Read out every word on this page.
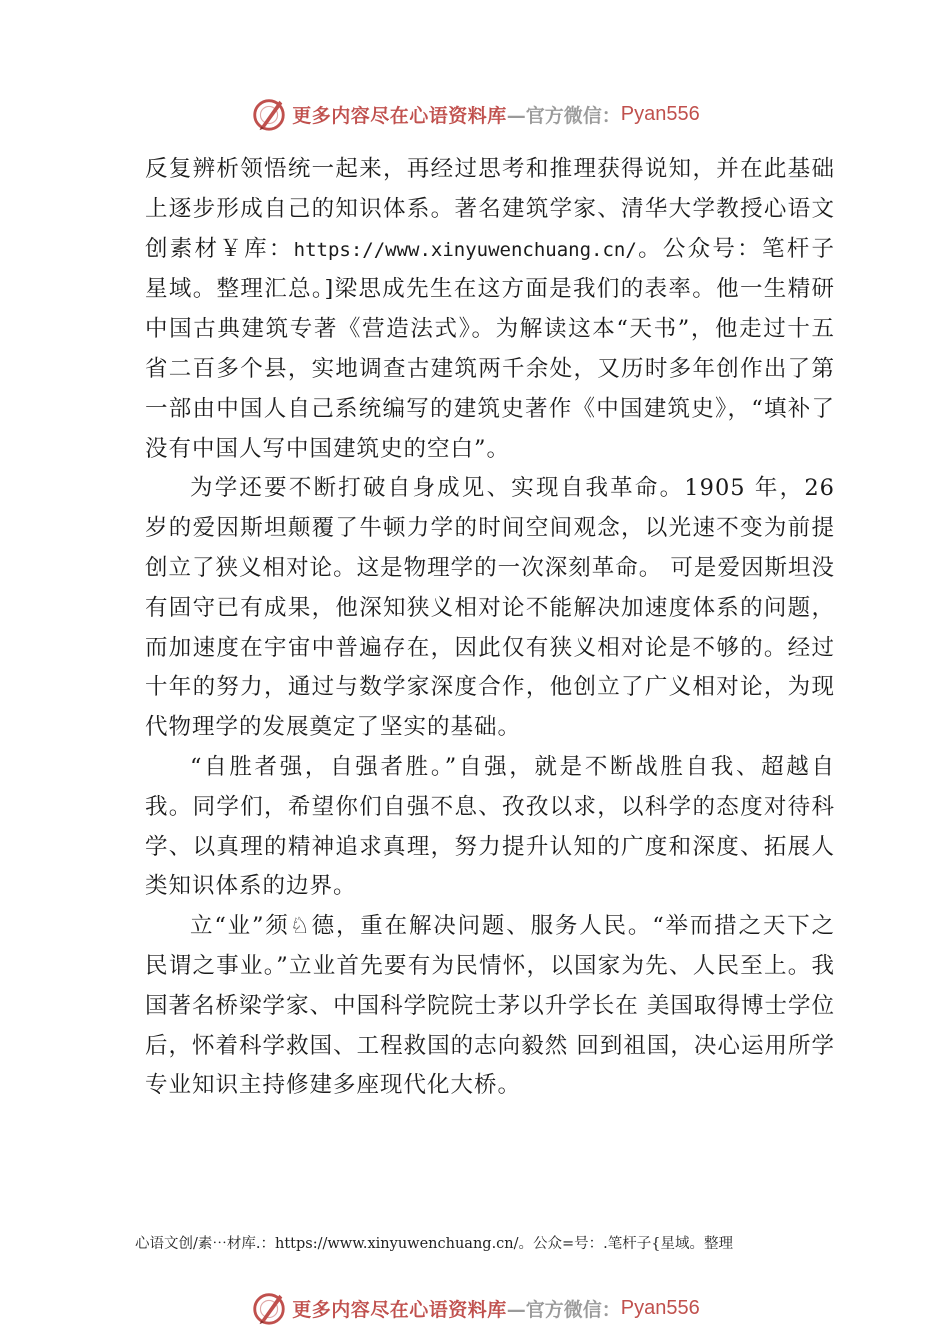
更多内容尽在心语资料库 —官方微信： Pyan556

反复辨析领悟统一起来，再经过思考和推理获得说知，并在此基础上逐步形成自己的知识体系。著名建筑学家、清华大学教授心语文创素材￥库：https://www.xinyuwenchuang.cn/。公众号：笔杆子星域。整理汇总。]梁思成先生在这方面是我们的表率。他一生精研中国古典建筑专著《营造法式》。为解读这本“天书”，他走过十五省二百多个县，实地调查古建筑两千余处，又历时多年创作出了第一部由中国人自己系统编写的建筑史著作《中国建筑史》，“填补了没有中国人写中国建筑史的空白”。

为学还要不断打破自身成见、实现自我革命。1905 年，26 岁的爱因斯坦颠覆了牛顿力学的时间空间观念，以光速不变为前提创立了狭义相对论。这是物理学的一次深刻革命。 可是爱因斯坦没有固守已有成果，他深知狭义相对论不能解决加速度体系的问题，而加速度在宇宙中普遍存在，因此仅有狭义相对论是不够的。经过十年的努力，通过与数学家深度合作，他创立了广义相对论，为现代物理学的发展奠定了坚实的基础。

“自胜者强，自强者胜。”自强，就是不断战胜自我、超越自我。同学们，希望你们自强不息、孜孜以求，以科学的态度对待科学、以真理的精神追求真理，努力提升认知的广度和深度、拓展人类知识体系的边界。

立“业”须♘德，重在解决问题、服务人民。“举而措之天下之民谓之事业。”立业首先要有为民情怀，以国家为先、人民至上。我国著名桥梁学家、中国科学院院士茅以升学长在 美国取得博士学位后，怀着科学救国、工程救国的志向毅然 回到祖国，决心运用所学专业知识主持修建多座现代化大桥。

心语文创/素⋯材库.：https://www.xinyuwenchuang.cn/。公众=号：.笔杆子{星域。整理
更多内容尽在心语资料库 —官方微信： Pyan556
